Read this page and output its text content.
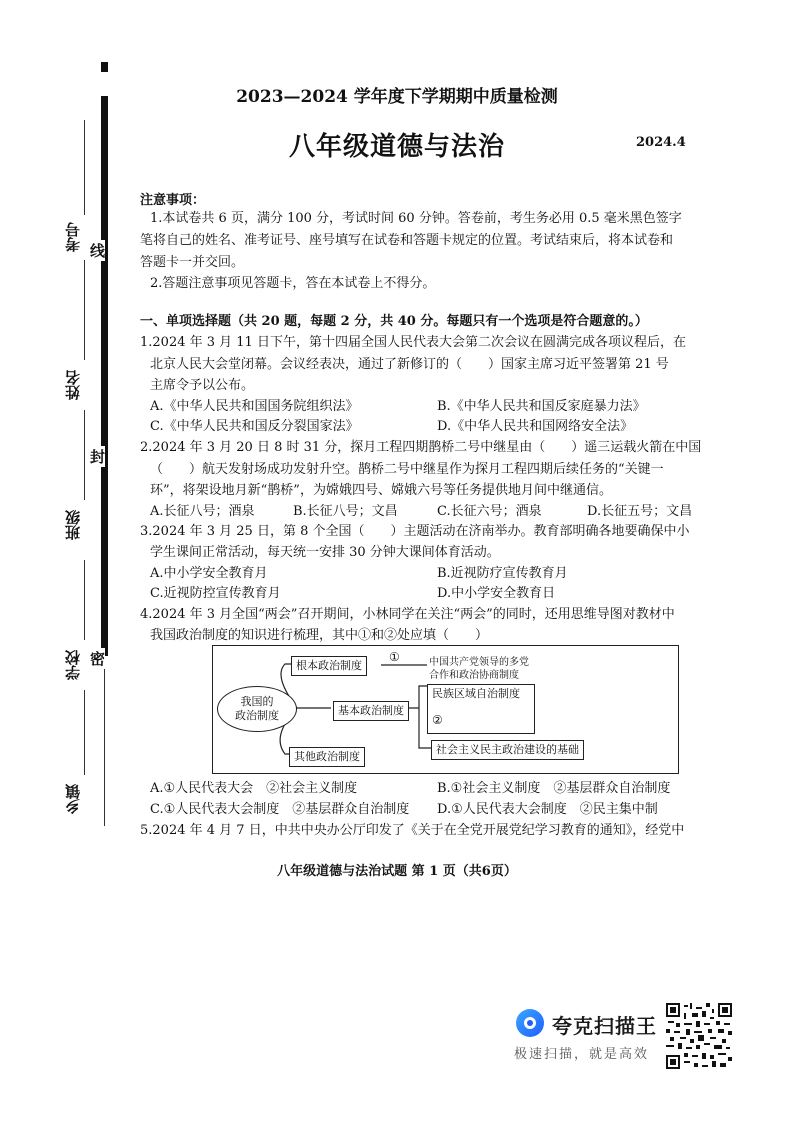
线
封
密
考号
姓名
班级
学校
乡镇
2023—2024 学年度下学期期中质量检测
八年级道德与法治	2024.4
注意事项：
1.本试卷共 6 页，满分 100 分，考试时间 60 分钟。答卷前，考生务必用 0.5 毫米黑色签字
笔将自己的姓名、准考证号、座号填写在试卷和答题卡规定的位置。考试结束后，将本试卷和
答题卡一并交回。
2.答题注意事项见答题卡，答在本试卷上不得分。
一、单项选择题（共 20 题，每题 2 分，共 40 分。每题只有一个选项是符合题意的。）
1.2024 年 3 月 11 日下午，第十四届全国人民代表大会第二次会议在圆满完成各项议程后，在
北京人民大会堂闭幕。会议经表决，通过了新修订的（　　）国家主席习近平签署第 21 号
主席令予以公布。
A.《中华人民共和国国务院组织法》	B.《中华人民共和国反家庭暴力法》
C.《中华人民共和国反分裂国家法》	D.《中华人民共和国网络安全法》
2.2024 年 3 月 20 日 8 时 31 分，探月工程四期鹊桥二号中继星由（　　）遥三运载火箭在中国
（　　）航天发射场成功发射升空。鹊桥二号中继星作为探月工程四期后续任务的“关键一
环”，将架设地月新“鹊桥”，为嫦娥四号、嫦娥六号等任务提供地月间中继通信。
A.长征八号；酒泉	B.长征八号；文昌	C.长征六号；酒泉	D.长征五号；文昌
3.2024 年 3 月 25 日，第 8 个全国（　　）主题活动在济南举办。教育部明确各地要确保中小
学生课间正常活动，每天统一安排 30 分钟大课间体育活动。
A.中小学安全教育月	B.近视防疗宣传教育月
C.近视防控宣传教育月	D.中小学安全教育日
4.2024 年 3 月全国“两会”召开期间，小林同学在关注“两会”的同时，还用思维导图对教材中
我国政治制度的知识进行梳理，其中①和②处应填（　　）
我国的
政治制度
根本政治制度
①
基本政治制度
其他政治制度
中国共产党领导的多党
合作和政治协商制度
民族区域自治制度
②
社会主义民主政治建设的基础
A.①人民代表大会　②社会主义制度	B.①社会主义制度　②基层群众自治制度
C.①人民代表大会制度　②基层群众自治制度 D.①人民代表大会制度　②民主集中制
5.2024 年 4 月 7 日，中共中央办公厅印发了《关于在全党开展党纪学习教育的通知》，经党中
八年级道德与法治试题 第 1 页（共6页）
夸克扫描王
极速扫描，就是高效
